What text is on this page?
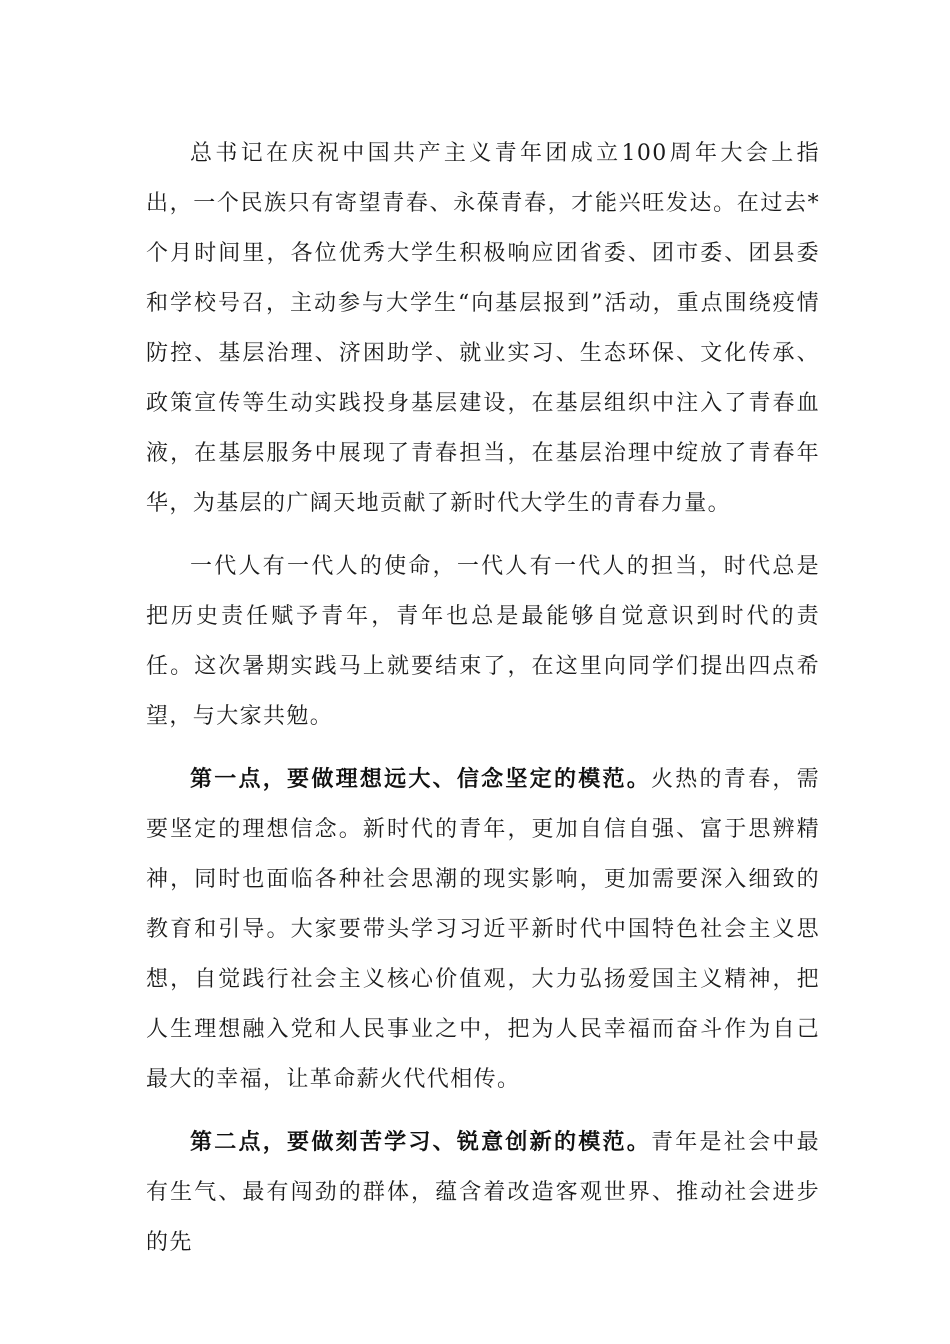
总书记在庆祝中国共产主义青年团成立100周年大会上指出，一个民族只有寄望青春、永葆青春，才能兴旺发达。在过去*个月时间里，各位优秀大学生积极响应团省委、团市委、团县委和学校号召，主动参与大学生“向基层报到”活动，重点围绕疫情防控、基层治理、济困助学、就业实习、生态环保、文化传承、政策宣传等生动实践投身基层建设，在基层组织中注入了青春血液，在基层服务中展现了青春担当，在基层治理中绽放了青春年华，为基层的广阔天地贡献了新时代大学生的青春力量。

一代人有一代人的使命，一代人有一代人的担当，时代总是把历史责任赋予青年，青年也总是最能够自觉意识到时代的责任。这次暑期实践马上就要结束了，在这里向同学们提出四点希望，与大家共勉。

第一点，要做理想远大、信念坚定的模范。火热的青春，需要坚定的理想信念。新时代的青年，更加自信自强、富于思辨精神，同时也面临各种社会思潮的现实影响，更加需要深入细致的教育和引导。大家要带头学习习近平新时代中国特色社会主义思想，自觉践行社会主义核心价值观，大力弘扬爱国主义精神，把人生理想融入党和人民事业之中，把为人民幸福而奋斗作为自己最大的幸福，让革命薪火代代相传。

第二点，要做刻苦学习、锐意创新的模范。青年是社会中最有生气、最有闯劲的群体，蕴含着改造客观世界、推动社会进步的先
